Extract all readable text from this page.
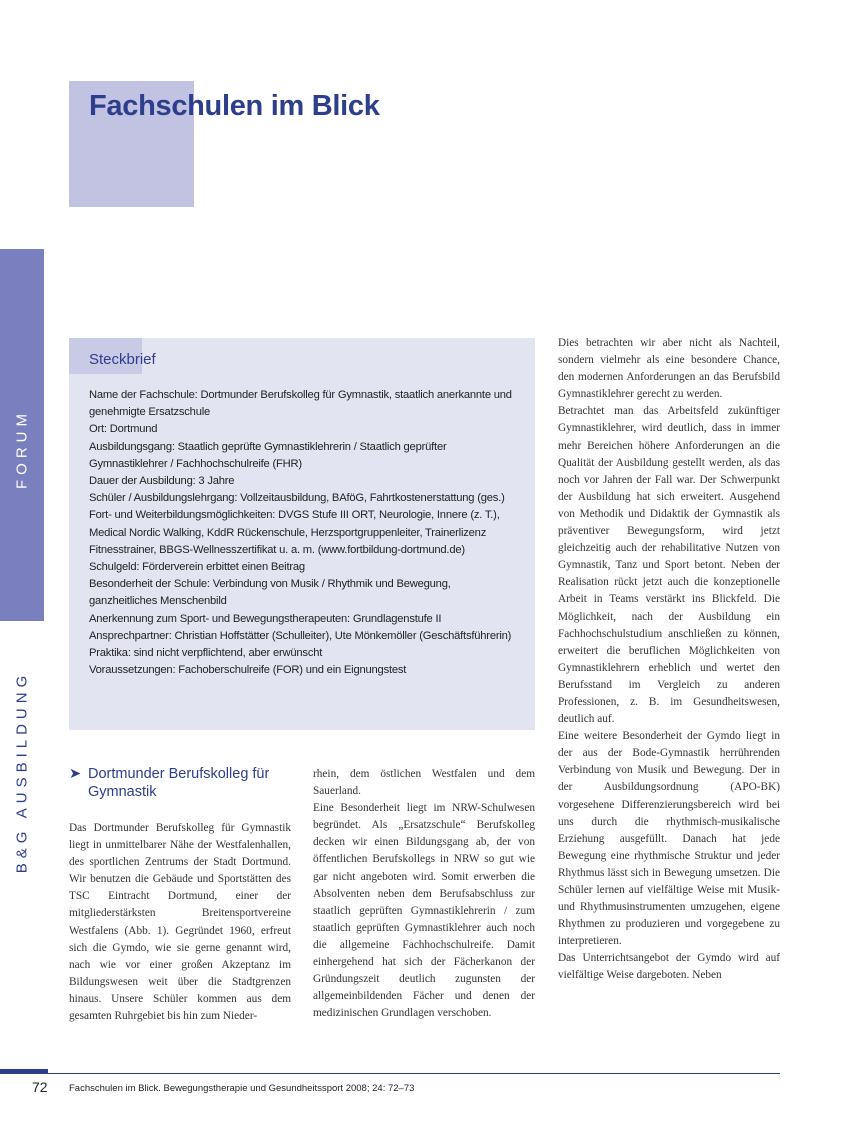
Fachschulen im Blick
FORUM
B&G AUSBILDUNG
Steckbrief
Name der Fachschule: Dortmunder Berufskolleg für Gymnastik, staatlich anerkannte und genehmigte Ersatzschule
Ort: Dortmund
Ausbildungsgang: Staatlich geprüfte Gymnastiklehrerin / Staatlich geprüfter Gymnastiklehrer / Fachhochschulreife (FHR)
Dauer der Ausbildung: 3 Jahre
Schüler / Ausbildungslehrgang: Vollzeitausbildung, BAföG, Fahrtkostenerstattung (ges.)
Fort- und Weiterbildungsmöglichkeiten: DVGS Stufe III ORT, Neurologie, Innere (z. T.), Medical Nordic Walking, KddR Rückenschule, Herzsportgruppenleiter, Trainerlizenz Fitnesstrainer, BBGS-Wellnesszertifikat u. a. m. (www.fortbildung-dortmund.de)
Schulgeld: Förderverein erbittet einen Beitrag
Besonderheit der Schule: Verbindung von Musik / Rhythmik und Bewegung, ganzheitliches Menschenbild
Anerkennung zum Sport- und Bewegungstherapeuten: Grundlagenstufe II
Ansprechpartner: Christian Hoffstätter (Schulleiter), Ute Mönkemöller (Geschäftsführerin)
Praktika: sind nicht verpflichtend, aber erwünscht
Voraussetzungen: Fachoberschulreife (FOR) und ein Eignungstest
➤ Dortmunder Berufskolleg für Gymnastik

Das Dortmunder Berufskolleg für Gymnastik liegt in unmittelbarer Nähe der Westfalenhallen, des sportlichen Zentrums der Stadt Dortmund. Wir benutzen die Gebäude und Sportstätten des TSC Eintracht Dortmund, einer der mitgliederstärksten Breitensportvereine Westfalens (Abb. 1). Gegründet 1960, erfreut sich die Gymdo, wie sie gerne genannt wird, nach wie vor einer großen Akzeptanz im Bildungswesen weit über die Stadtgrenzen hinaus. Unsere Schüler kommen aus dem gesamten Ruhrgebiet bis hin zum Nieder-

rhein, dem östlichen Westfalen und dem Sauerland.

Eine Besonderheit liegt im NRW-Schulwesen begründet. Als „Ersatzschule“ Berufskolleg decken wir einen Bildungsgang ab, der von öffentlichen Berufskollegs in NRW so gut wie gar nicht angeboten wird. Somit erwerben die Absolventen neben dem Berufsabschluss zur staatlich geprüften Gymnastiklehrerin / zum staatlich geprüften Gymnastiklehrer auch noch die allgemeine Fachhochschulreife. Damit einhergehend hat sich der Fächerkanon der Gründungszeit deutlich zugunsten der allgemeinbildenden Fächer und denen der medizinischen Grundlagen verschoben.

Dies betrachten wir aber nicht als Nachteil, sondern vielmehr als eine besondere Chance, den modernen Anforderungen an das Berufsbild Gymnastiklehrer gerecht zu werden.

Betrachtet man das Arbeitsfeld zukünftiger Gymnastiklehrer, wird deutlich, dass in immer mehr Bereichen höhere Anforderungen an die Qualität der Ausbildung gestellt werden, als das noch vor Jahren der Fall war. Der Schwerpunkt der Ausbildung hat sich erweitert. Ausgehend von Methodik und Didaktik der Gymnastik als präventiver Bewegungsform, wird jetzt gleichzeitig auch der rehabilitative Nutzen von Gymnastik, Tanz und Sport betont. Neben der Realisation rückt jetzt auch die konzeptionelle Arbeit in Teams verstärkt ins Blickfeld. Die Möglichkeit, nach der Ausbildung ein Fachhochschulstudium anschließen zu können, erweitert die beruflichen Möglichkeiten von Gymnastiklehrern erheblich und wertet den Berufsstand im Vergleich zu anderen Professionen, z. B. im Gesundheitswesen, deutlich auf.

Eine weitere Besonderheit der Gymdo liegt in der aus der Bode-Gymnastik herrührenden Verbindung von Musik und Bewegung. Der in der Ausbildungsordnung (APO-BK) vorgesehene Differenzierungsbereich wird bei uns durch die rhythmisch-musikalische Erziehung ausgefüllt. Danach hat jede Bewegung eine rhythmische Struktur und jeder Rhythmus lässt sich in Bewegung umsetzen. Die Schüler lernen auf vielfältige Weise mit Musik- und Rhythmusinstrumenten umzugehen, eigene Rhythmen zu produzieren und vorgegebene zu interpretieren.

Das Unterrichtsangebot der Gymdo wird auf vielfältige Weise dargeboten. Neben

72 Fachschulen im Blick. Bewegungstherapie und Gesundheitssport 2008; 24: 72–73
